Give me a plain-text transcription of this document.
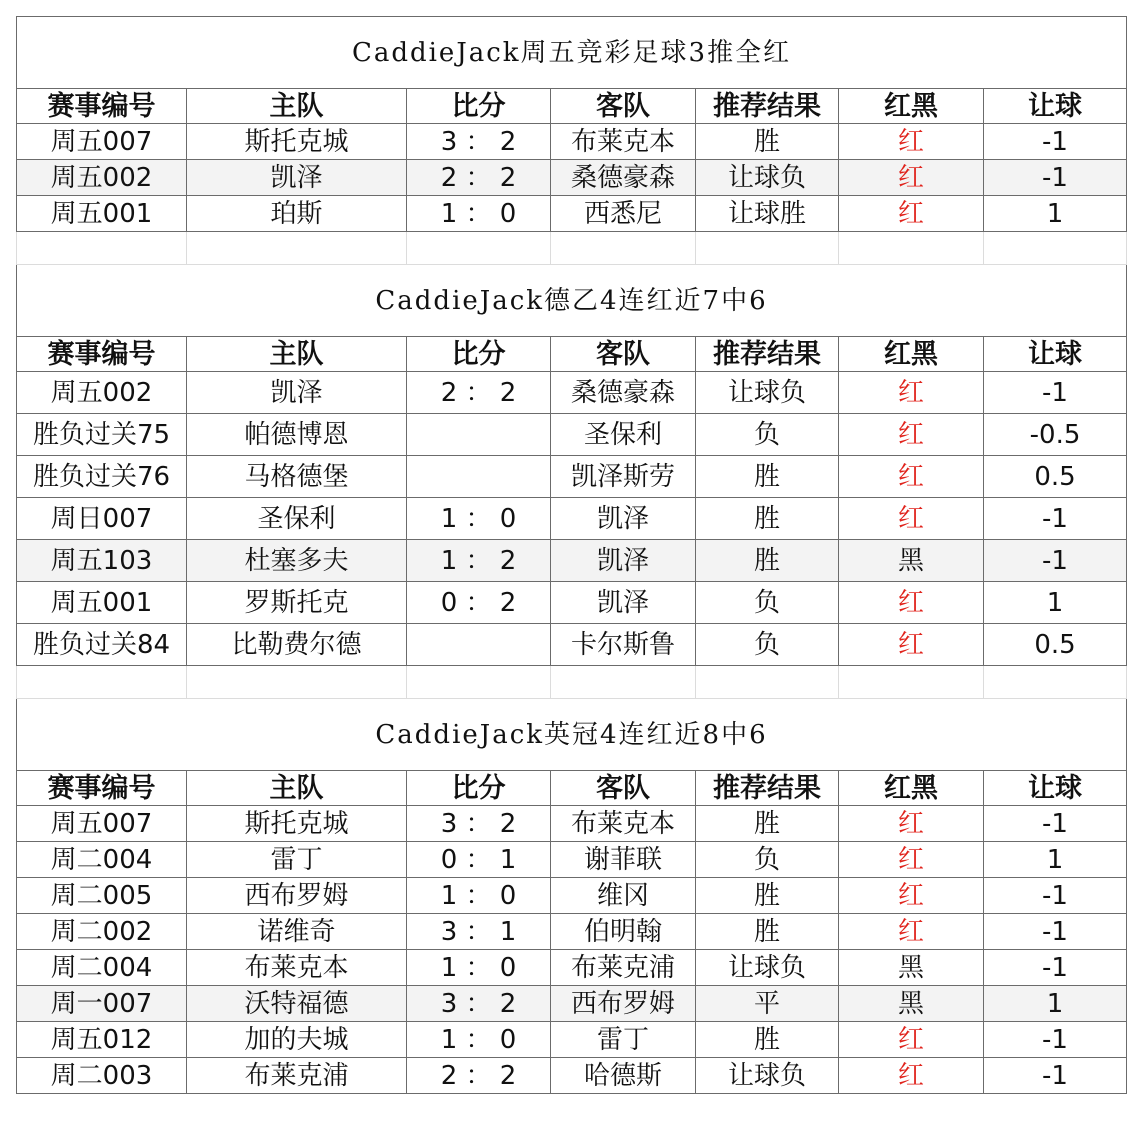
CaddieJack周五竞彩足球3推全红						
赛事编号	主队	比分	客队	推荐结果	红黑	让球
周五007	斯托克城	3 ： 2	布莱克本	胜	红	-1
周五002	凯泽	2 ： 2	桑德豪森	让球负	红	-1
周五001	珀斯	1 ： 0	西悉尼	让球胜	红	1

CaddieJack德乙4连红近7中6						
赛事编号	主队	比分	客队	推荐结果	红黑	让球
周五002	凯泽	2 ： 2	桑德豪森	让球负	红	-1
胜负过关75	帕德博恩		圣保利	负	红	-0.5
胜负过关76	马格德堡		凯泽斯劳	胜	红	0.5
周日007	圣保利	1 ： 0	凯泽	胜	红	-1
周五103	杜塞多夫	1 ： 2	凯泽	胜	黑	-1
周五001	罗斯托克	0 ： 2	凯泽	负	红	1
胜负过关84	比勒费尔德		卡尔斯鲁	负	红	0.5

CaddieJack英冠4连红近8中6						
赛事编号	主队	比分	客队	推荐结果	红黑	让球
周五007	斯托克城	3 ： 2	布莱克本	胜	红	-1
周二004	雷丁	0 ： 1	谢菲联	负	红	1
周二005	西布罗姆	1 ： 0	维冈	胜	红	-1
周二002	诺维奇	3 ： 1	伯明翰	胜	红	-1
周二004	布莱克本	1 ： 0	布莱克浦	让球负	黑	-1
周一007	沃特福德	3 ： 2	西布罗姆	平	黑	1
周五012	加的夫城	1 ： 0	雷丁	胜	红	-1
周二003	布莱克浦	2 ： 2	哈德斯	让球负	红	-1
